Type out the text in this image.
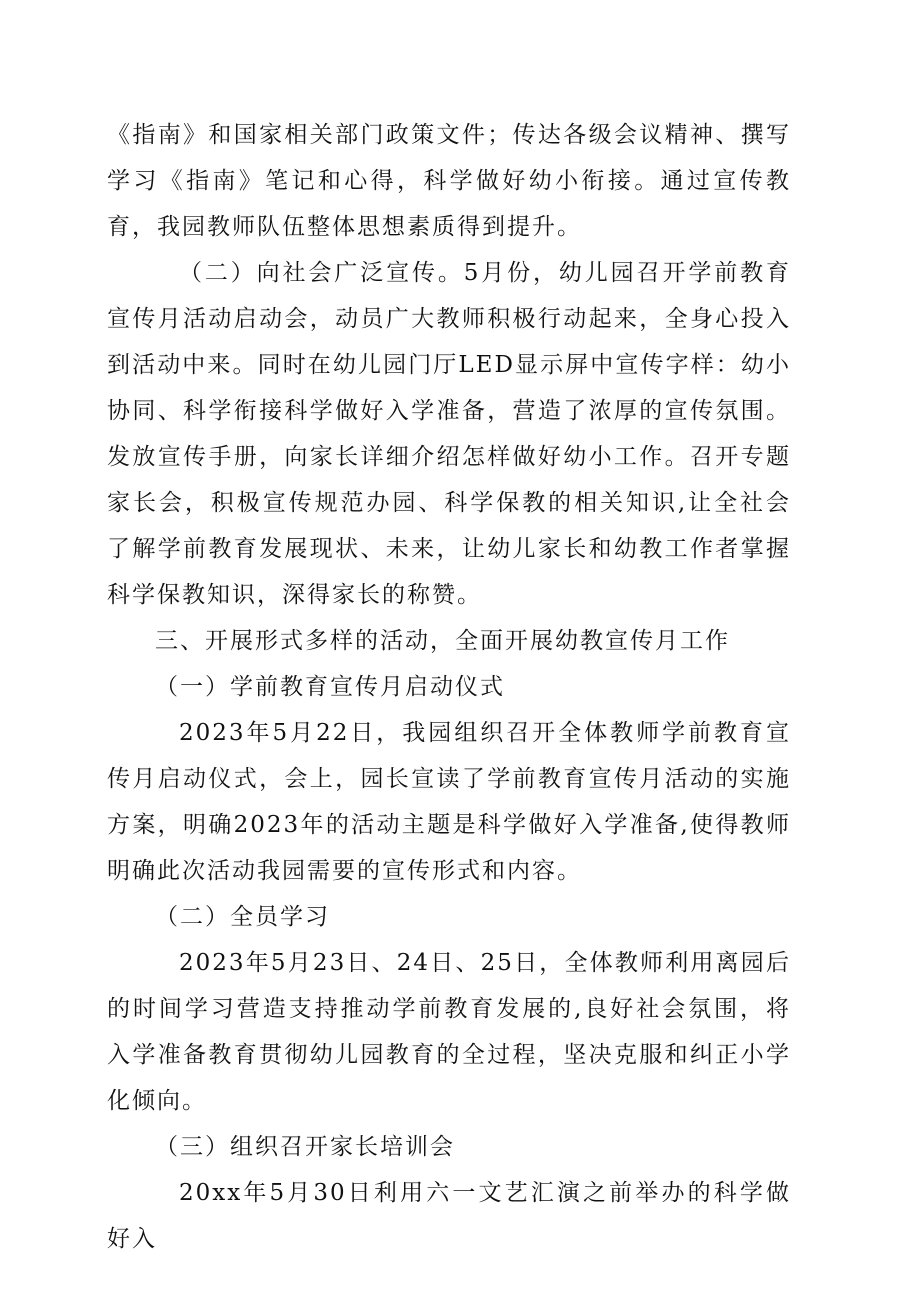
《指南》和国家相关部门政策文件；传达各级会议精神、撰写学习《指南》笔记和心得，科学做好幼小衔接。通过宣传教育，我园教师队伍整体思想素质得到提升。

（二）向社会广泛宣传。5月份，幼儿园召开学前教育宣传月活动启动会，动员广大教师积极行动起来，全身心投入到活动中来。同时在幼儿园门厅LED显示屏中宣传字样：幼小协同、科学衔接科学做好入学准备，营造了浓厚的宣传氛围。发放宣传手册，向家长详细介绍怎样做好幼小工作。召开专题家长会，积极宣传规范办园、科学保教的相关知识,让全社会了解学前教育发展现状、未来，让幼儿家长和幼教工作者掌握科学保教知识，深得家长的称赞。

三、开展形式多样的活动，全面开展幼教宣传月工作

（一）学前教育宣传月启动仪式

2023年5月22日，我园组织召开全体教师学前教育宣传月启动仪式，会上，园长宣读了学前教育宣传月活动的实施方案，明确2023年的活动主题是科学做好入学准备,使得教师明确此次活动我园需要的宣传形式和内容。

（二）全员学习

2023年5月23日、24日、25日，全体教师利用离园后的时间学习营造支持推动学前教育发展的,良好社会氛围，将入学准备教育贯彻幼儿园教育的全过程，坚决克服和纠正小学化倾向。

（三）组织召开家长培训会

20xx年5月30日利用六一文艺汇演之前举办的科学做好入
